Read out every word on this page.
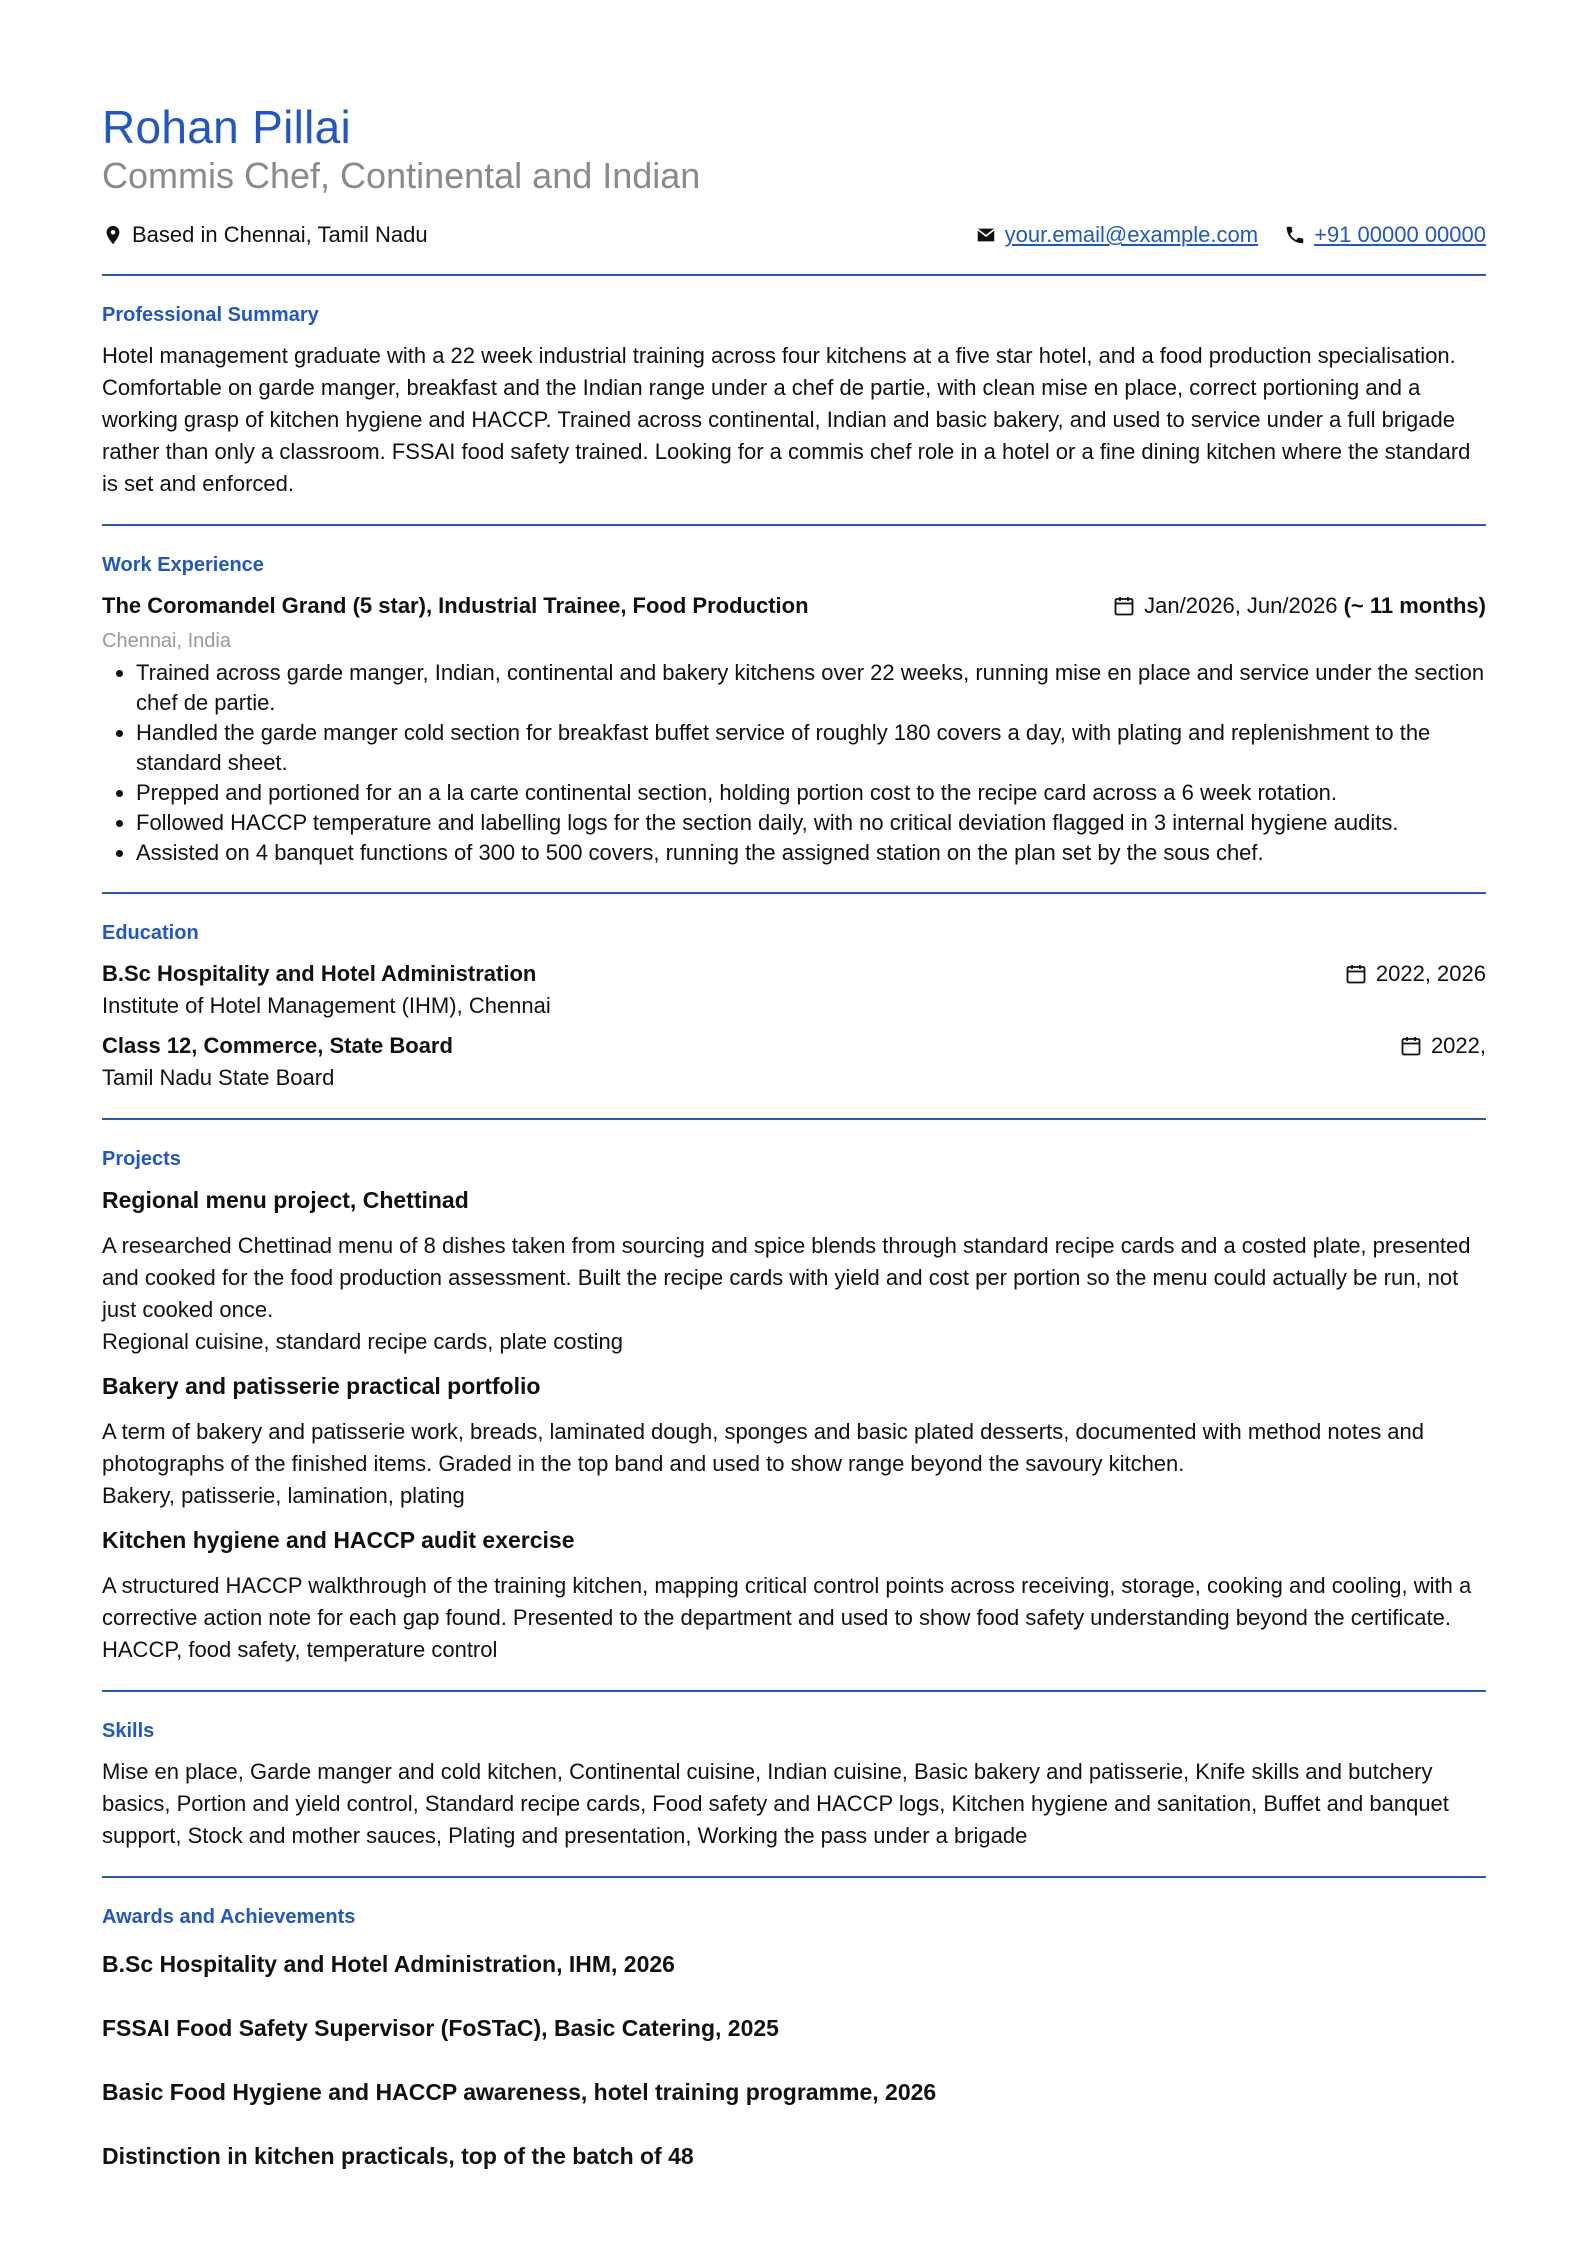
Rohan Pillai
Commis Chef, Continental and Indian
Based in Chennai, Tamil Nadu	your.email@example.com	+91 00000 00000
Professional Summary

Hotel management graduate with a 22 week industrial training across four kitchens at a five star hotel, and a food production specialisation. Comfortable on garde manger, breakfast and the Indian range under a chef de partie, with clean mise en place, correct portioning and a working grasp of kitchen hygiene and HACCP. Trained across continental, Indian and basic bakery, and used to service under a full brigade rather than only a classroom. FSSAI food safety trained. Looking for a commis chef role in a hotel or a fine dining kitchen where the standard is set and enforced.

Work Experience
The Coromandel Grand (5 star), Industrial Trainee, Food Production	Jan/2026, Jun/2026
(~ 11 months)
Chennai, India
• Trained across garde manger, Indian, continental and bakery kitchens over 22 weeks, running mise en place and service under the section chef de partie.
• Handled the garde manger cold section for breakfast buffet service of roughly 180 covers a day, with plating and replenishment to the standard sheet.
• Prepped and portioned for an a la carte continental section, holding portion cost to the recipe card across a 6 week rotation.
• Followed HACCP temperature and labelling logs for the section daily, with no critical deviation flagged in 3 internal hygiene audits.
• Assisted on 4 banquet functions of 300 to 500 covers, running the assigned station on the plan set by the sous chef.
Education
B.Sc Hospitality and Hotel Administration	2022, 2026
Institute of Hotel Management (IHM), Chennai
Class 12, Commerce, State Board	2022,
Tamil Nadu State Board
Projects
Regional menu project, Chettinad

A researched Chettinad menu of 8 dishes taken from sourcing and spice blends through standard recipe cards and a costed plate, presented and cooked for the food production assessment. Built the recipe cards with yield and cost per portion so the menu could actually be run, not just cooked once.

Regional cuisine, standard recipe cards, plate costing
Bakery and patisserie practical portfolio

A term of bakery and patisserie work, breads, laminated dough, sponges and basic plated desserts, documented with method notes and photographs of the finished items. Graded in the top band and used to show range beyond the savoury kitchen.

Bakery, patisserie, lamination, plating
Kitchen hygiene and HACCP audit exercise

A structured HACCP walkthrough of the training kitchen, mapping critical control points across receiving, storage, cooking and cooling, with a corrective action note for each gap found. Presented to the department and used to show food safety understanding beyond the certificate.

HACCP, food safety, temperature control
Skills

Mise en place, Garde manger and cold kitchen, Continental cuisine, Indian cuisine, Basic bakery and patisserie, Knife skills and butchery basics, Portion and yield control, Standard recipe cards, Food safety and HACCP logs, Kitchen hygiene and sanitation, Buffet and banquet support, Stock and mother sauces, Plating and presentation, Working the pass under a brigade

Awards and Achievements
B.Sc Hospitality and Hotel Administration, IHM, 2026
FSSAI Food Safety Supervisor (FoSTaC), Basic Catering, 2025
Basic Food Hygiene and HACCP awareness, hotel training programme, 2026
Distinction in kitchen practicals, top of the batch of 48
